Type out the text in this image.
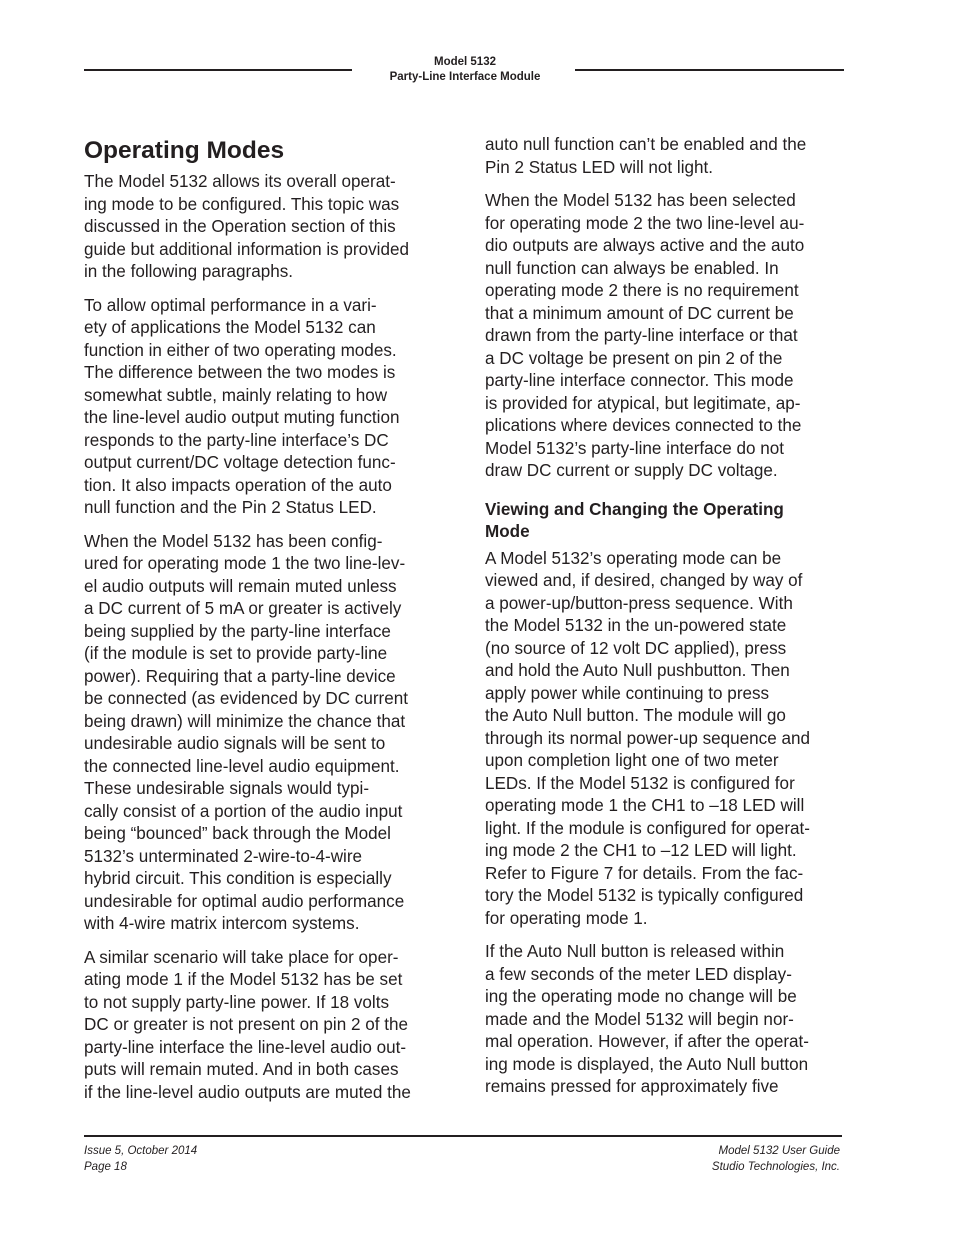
Model 5132
Party-Line Interface Module
Operating Modes

The Model 5132 allows its overall operat-
ing mode to be configured. This topic was
discussed in the Operation section of this
guide but additional information is provided
in the following paragraphs.

To allow optimal performance in a vari-
ety of applications the Model 5132 can
function in either of two operating modes.
The difference between the two modes is
somewhat subtle, mainly relating to how
the line-level audio output muting function
responds to the party-line interface’s DC
output current/DC voltage detection func-
tion. It also impacts operation of the auto
null function and the Pin 2 Status LED.

When the Model 5132 has been config-
ured for operating mode 1 the two line-lev-
el audio outputs will remain muted unless
a DC current of 5 mA or greater is actively
being supplied by the party-line interface
(if the module is set to provide party-line
power). Requiring that a party-line device
be connected (as evidenced by DC current
being drawn) will minimize the chance that
undesirable audio signals will be sent to
the connected line-level audio equipment.
These undesirable signals would typi-
cally consist of a portion of the audio input
being “bounced” back through the Model
5132’s unterminated 2-wire-to-4-wire
hybrid circuit. This condition is especially
undesirable for optimal audio performance
with 4-wire matrix intercom systems.

A similar scenario will take place for oper-
ating mode 1 if the Model 5132 has be set
to not supply party-line power. If 18 volts
DC or greater is not present on pin 2 of the
party-line interface the line-level audio out-
puts will remain muted. And in both cases
if the line-level audio outputs are muted the

auto null function can’t be enabled and the
Pin 2 Status LED will not light.

When the Model 5132 has been selected
for operating mode 2 the two line-level au-
dio outputs are always active and the auto
null function can always be enabled. In
operating mode 2 there is no requirement
that a minimum amount of DC current be
drawn from the party-line interface or that
a DC voltage be present on pin 2 of the
party-line interface connector. This mode
is provided for atypical, but legitimate, ap-
plications where devices connected to the
Model 5132’s party-line interface do not
draw DC current or supply DC voltage.

Viewing and Changing the Operating
Mode

A Model 5132’s operating mode can be
viewed and, if desired, changed by way of
a power-up/button-press sequence. With
the Model 5132 in the un-powered state
(no source of 12 volt DC applied), press
and hold the Auto Null pushbutton. Then
apply power while continuing to press
the Auto Null button. The module will go
through its normal power-up sequence and
upon completion light one of two meter
LEDs. If the Model 5132 is configured for
operating mode 1 the CH1 to –18 LED will
light. If the module is configured for operat-
ing mode 2 the CH1 to –12 LED will light.
Refer to Figure 7 for details. From the fac-
tory the Model 5132 is typically configured
for operating mode 1.

If the Auto Null button is released within
a few seconds of the meter LED display-
ing the operating mode no change will be
made and the Model 5132 will begin nor-
mal operation. However, if after the operat-
ing mode is displayed, the Auto Null button
remains pressed for approximately five

Issue 5, October 2014
Page 18
Model 5132 User Guide
Studio Technologies, Inc.
